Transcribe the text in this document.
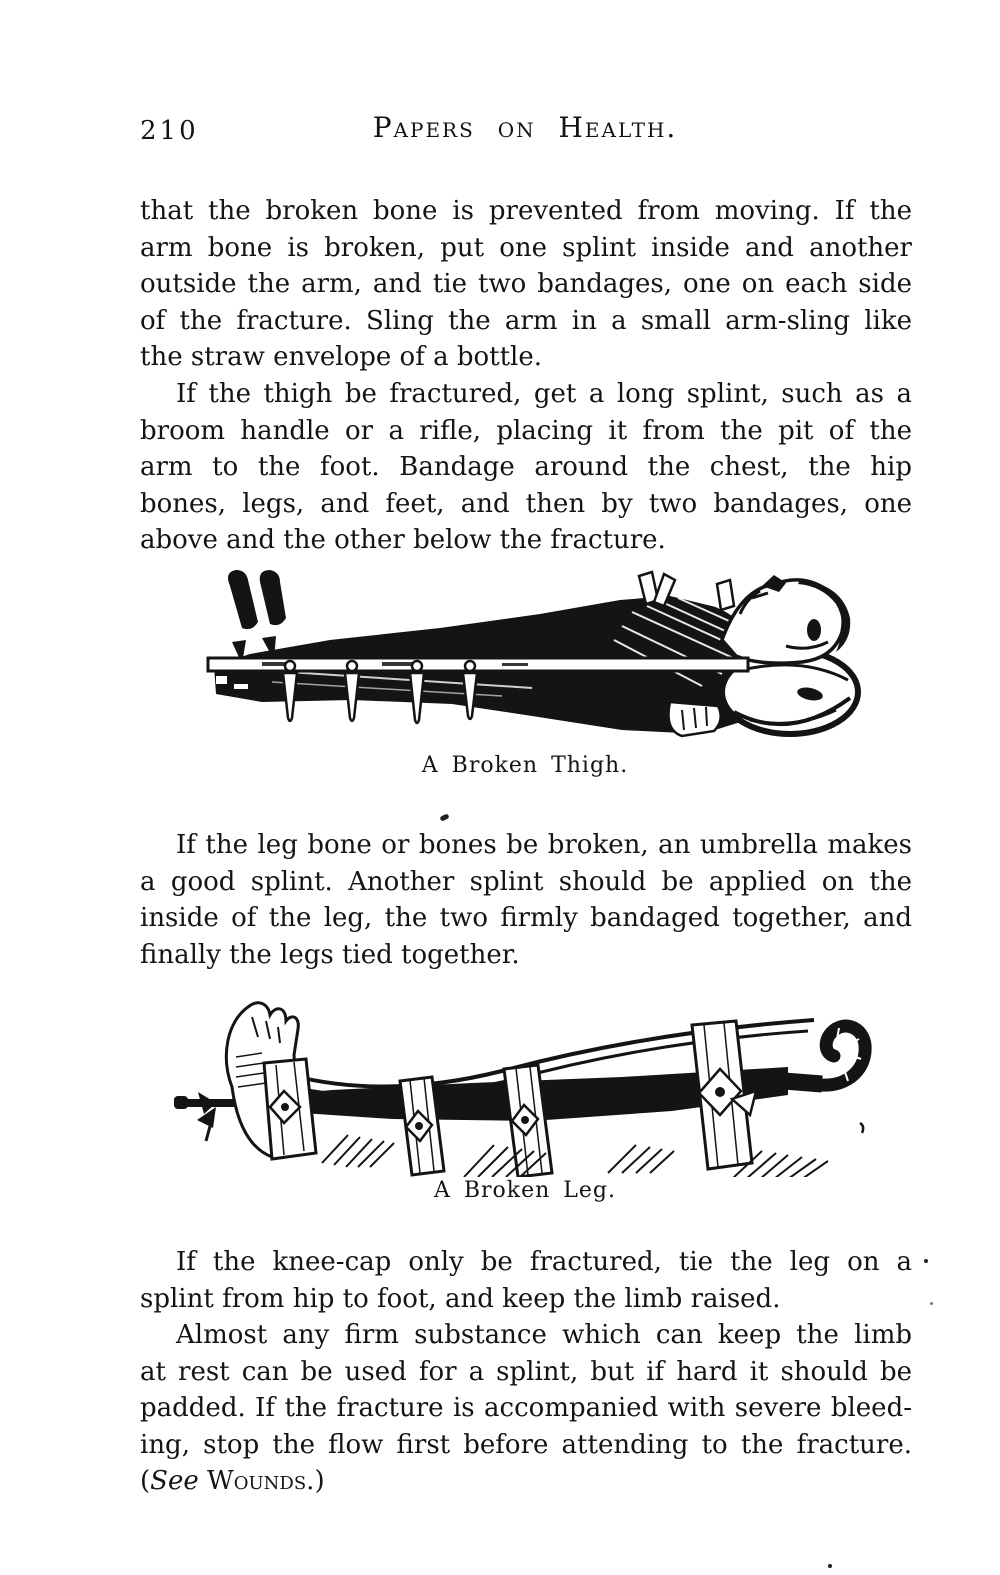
210	Papers on Health.
that the broken bone is prevented from moving. If the
arm bone is broken, put one splint inside and another
outside the arm, and tie two bandages, one on each side
of the fracture. Sling the arm in a small arm-sling like
the straw envelope of a bottle.
If the thigh be fractured, get a long splint, such as a
broom handle or a rifle, placing it from the pit of the
arm to the foot. Bandage around the chest, the hip
bones, legs, and feet, and then by two bandages, one
above and the other below the fracture.
A Broken Thigh.
If the leg bone or bones be broken, an umbrella makes
a good splint. Another splint should be applied on the
inside of the leg, the two firmly bandaged together, and
finally the legs tied together.
A Broken Leg.
If the knee-cap only be fractured, tie the leg on a
splint from hip to foot, and keep the limb raised.
Almost any firm substance which can keep the limb
at rest can be used for a splint, but if hard it should be
padded. If the fracture is accompanied with severe bleed-
ing, stop the flow first before attending to the fracture.
(See Wounds.)
